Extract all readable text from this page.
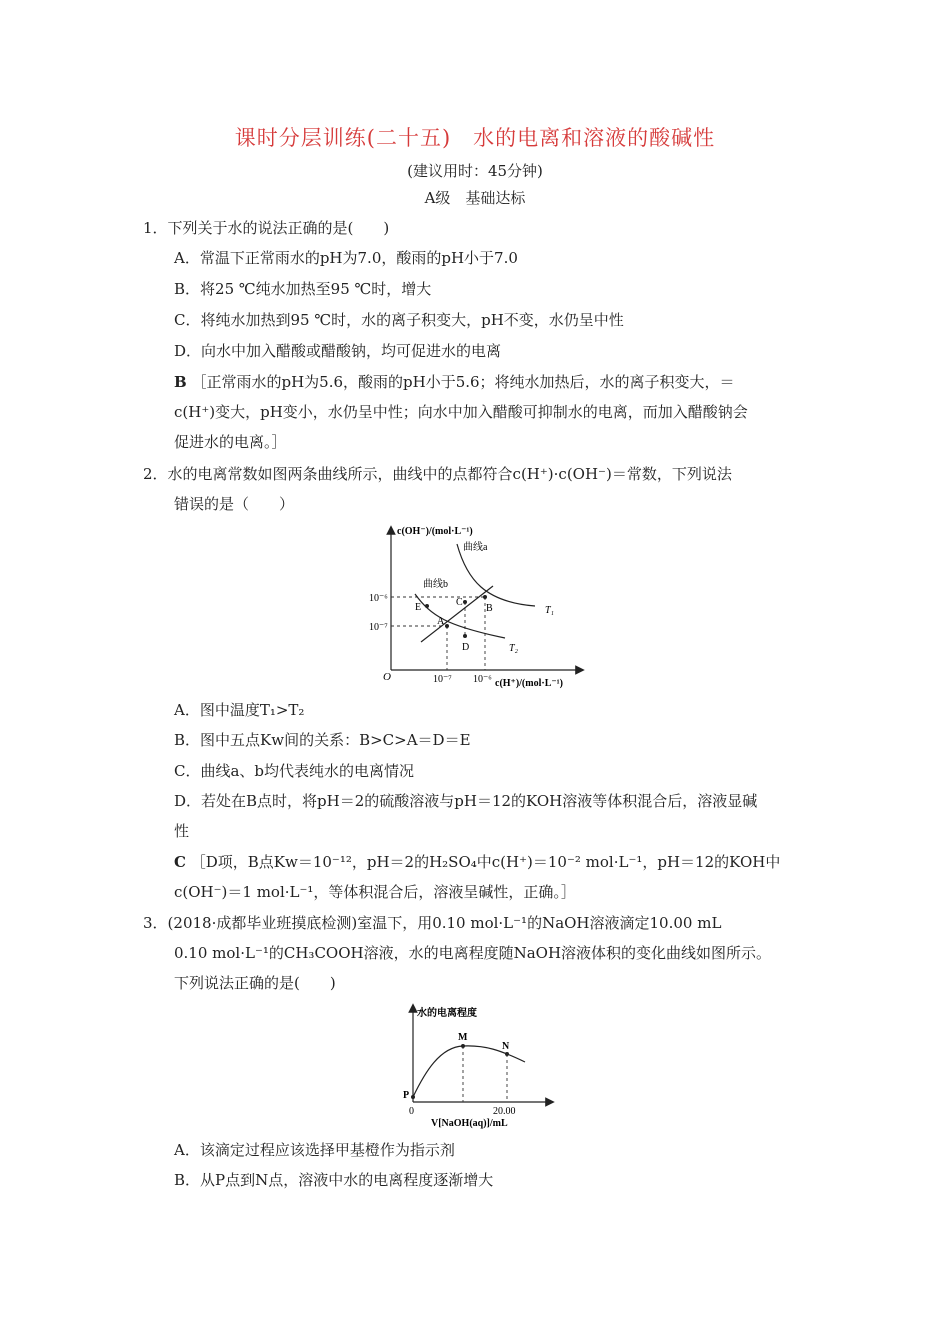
课时分层训练(二十五)　水的电离和溶液的酸碱性
(建议用时：45分钟)
A级　基础达标
1．下列关于水的说法正确的是(　　)
A．常温下正常雨水的pH为7.0，酸雨的pH小于7.0
B．将25 ℃纯水加热至95 ℃时，增大
C．将纯水加热到95 ℃时，水的离子积变大，pH不变，水仍呈中性
D．向水中加入醋酸或醋酸钠，均可促进水的电离
B ［正常雨水的pH为5.6，酸雨的pH小于5.6；将纯水加热后，水的离子积变大，＝
c(H⁺)变大，pH变小，水仍呈中性；向水中加入醋酸可抑制水的电离，而加入醋酸钠会
促进水的电离。］
2．水的电离常数如图两条曲线所示，曲线中的点都符合c(H⁺)·c(OH⁻)＝常数，下列说法
错误的是（　　）
c(OH⁻)/(mol·L⁻¹)
c(H⁺)/(mol·L⁻¹)
O
10⁻⁶
10⁻⁷
10⁻⁷ 10⁻⁶
A
B
C
D
E
曲线a
曲线b
T₁
T₂
A．图中温度T₁>T₂
B．图中五点Kw间的关系：B>C>A＝D＝E
C．曲线a、b均代表纯水的电离情况
D．若处在B点时，将pH＝2的硫酸溶液与pH＝12的KOH溶液等体积混合后，溶液显碱
性
C ［D项，B点Kw＝10⁻¹²，pH＝2的H₂SO₄中c(H⁺)＝10⁻² mol·L⁻¹，pH＝12的KOH中
c(OH⁻)＝1 mol·L⁻¹，等体积混合后，溶液呈碱性，正确。］
3．(2018·成都毕业班摸底检测)室温下，用0.10 mol·L⁻¹的NaOH溶液滴定10.00 mL
0.10 mol·L⁻¹的CH₃COOH溶液，水的电离程度随NaOH溶液体积的变化曲线如图所示。
下列说法正确的是(　　)
水的电离程度
V[NaOH(aq)]/mL
0	20.00
P
M
N
A．该滴定过程应该选择甲基橙作为指示剂
B．从P点到N点，溶液中水的电离程度逐渐增大
